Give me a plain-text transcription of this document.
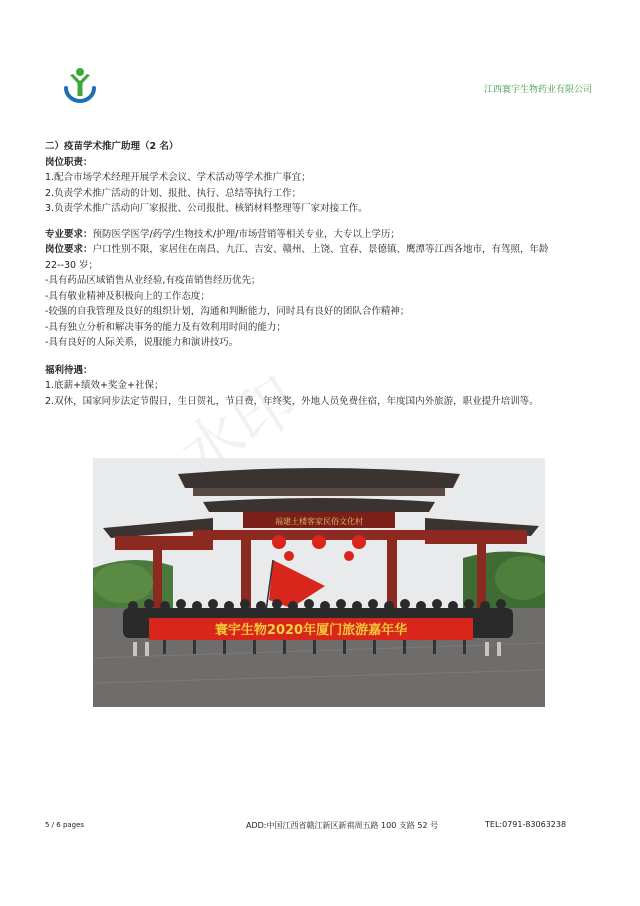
江西寰宇生物药业有限公司
水印

二）疫苗学术推广助理（2 名）

岗位职责：

1.配合市场学术经理开展学术会议、学术活动等学术推广事宜；

2.负责学术推广活动的计划、报批、执行、总结等执行工作；

3.负责学术推广活动向厂家报批、公司报批、核销材料整理等厂家对接工作。

专业要求：预防医学医学/药学/生物技术/护理/市场营销等相关专业，大专以上学历；

岗位要求：户口性别不限，家居住在南昌、九江、吉安、赣州、上饶、宜春、景德镇、鹰潭等江西各地市，有驾照，年龄

22--30 岁；

-具有药品区域销售从业经验,有疫苗销售经历优先；

-具有敬业精神及积极向上的工作态度；

-较强的自我管理及良好的组织计划，沟通和判断能力，同时具有良好的团队合作精神；

-具有独立分析和解决事务的能力及有效利用时间的能力；

-具有良好的人际关系，说服能力和演讲技巧。

福利待遇：

1.底薪+绩效+奖金+社保；

2.双休，国家同步法定节假日，生日贺礼，节日费，年终奖，外地人员免费住宿，年度国内外旅游，职业提升培训等。

福建土楼客家民俗文化村
寰宇生物2020年厦门旅游嘉年华
5 / 6 pages	ADD:中国江西省赣江新区新祺周五路 100 支路 52 号	TEL:0791-83063238
